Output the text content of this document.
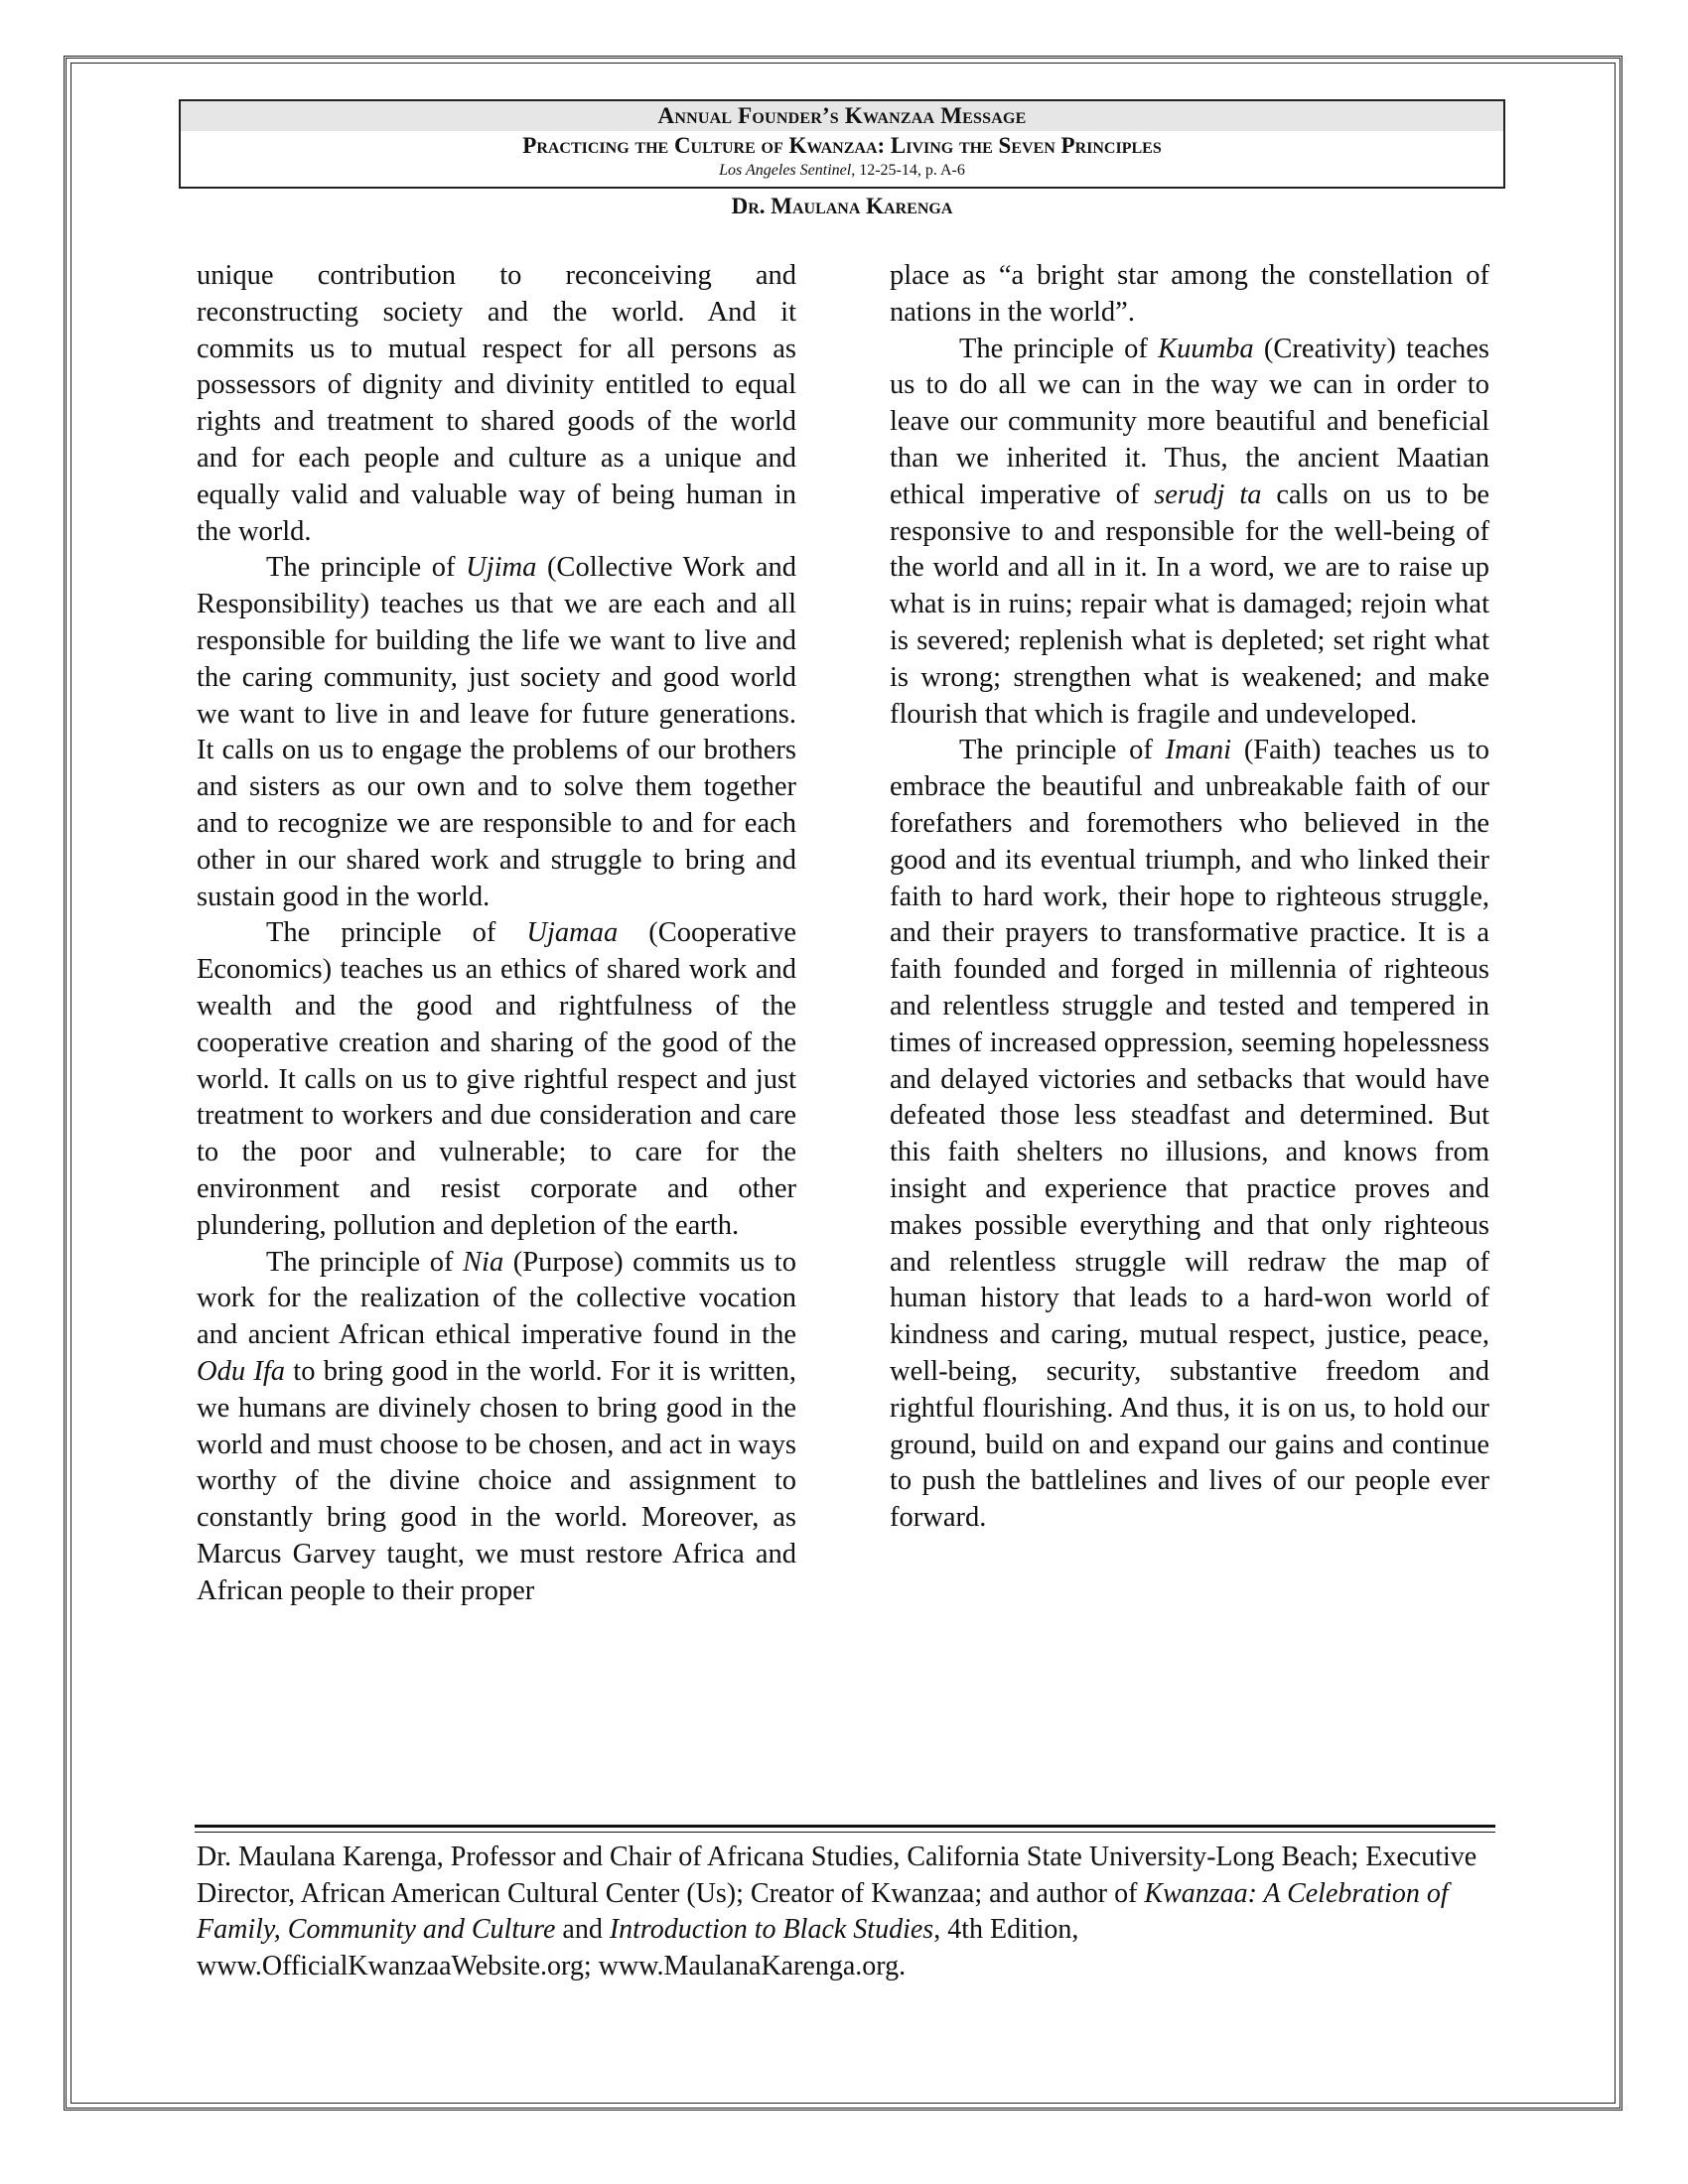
Annual Founder’s Kwanzaa Message
Practicing the Culture of Kwanzaa: Living the Seven Principles
Los Angeles Sentinel, 12-25-14, p. A-6
Dr. Maulana Karenga

unique contribution to reconceiving and reconstructing society and the world. And it commits us to mutual respect for all persons as possessors of dignity and divinity entitled to equal rights and treatment to shared goods of the world and for each people and culture as a unique and equally valid and valuable way of being human in the world.

The principle of Ujima (Collective Work and Responsibility) teaches us that we are each and all responsible for building the life we want to live and the caring community, just society and good world we want to live in and leave for future generations. It calls on us to engage the problems of our brothers and sisters as our own and to solve them together and to recognize we are responsible to and for each other in our shared work and struggle to bring and sustain good in the world.

The principle of Ujamaa (Cooperative Economics) teaches us an ethics of shared work and wealth and the good and rightfulness of the cooperative creation and sharing of the good of the world. It calls on us to give rightful respect and just treatment to workers and due consideration and care to the poor and vulnerable; to care for the environment and resist corporate and other plundering, pollution and depletion of the earth.

The principle of Nia (Purpose) commits us to work for the realization of the collective vocation and ancient African ethical imperative found in the Odu Ifa to bring good in the world. For it is written, we humans are divinely chosen to bring good in the world and must choose to be chosen, and act in ways worthy of the divine choice and assignment to constantly bring good in the world. Moreover, as Marcus Garvey taught, we must restore Africa and African people to their proper

place as “a bright star among the constellation of nations in the world”.

The principle of Kuumba (Creativity) teaches us to do all we can in the way we can in order to leave our community more beautiful and beneficial than we inherited it. Thus, the ancient Maatian ethical imperative of serudj ta calls on us to be responsive to and responsible for the well-being of the world and all in it. In a word, we are to raise up what is in ruins; repair what is damaged; rejoin what is severed; replenish what is depleted; set right what is wrong; strengthen what is weakened; and make flourish that which is fragile and undeveloped.

The principle of Imani (Faith) teaches us to embrace the beautiful and unbreakable faith of our forefathers and foremothers who believed in the good and its eventual triumph, and who linked their faith to hard work, their hope to righteous struggle, and their prayers to transformative practice. It is a faith founded and forged in millennia of righteous and relentless struggle and tested and tempered in times of increased oppression, seeming hopelessness and delayed victories and setbacks that would have defeated those less steadfast and determined. But this faith shelters no illusions, and knows from insight and experience that practice proves and makes possible everything and that only righteous and relentless struggle will redraw the map of human history that leads to a hard-won world of kindness and caring, mutual respect, justice, peace, well-being, security, substantive freedom and rightful flourishing. And thus, it is on us, to hold our ground, build on and expand our gains and continue to push the battlelines and lives of our people ever forward.

Dr. Maulana Karenga, Professor and Chair of Africana Studies, California State University-Long Beach; Executive Director, African American Cultural Center (Us); Creator of Kwanzaa; and author of Kwanzaa: A Celebration of Family, Community and Culture and Introduction to Black Studies, 4th Edition,
www.OfficialKwanzaaWebsite.org; www.MaulanaKarenga.org.
